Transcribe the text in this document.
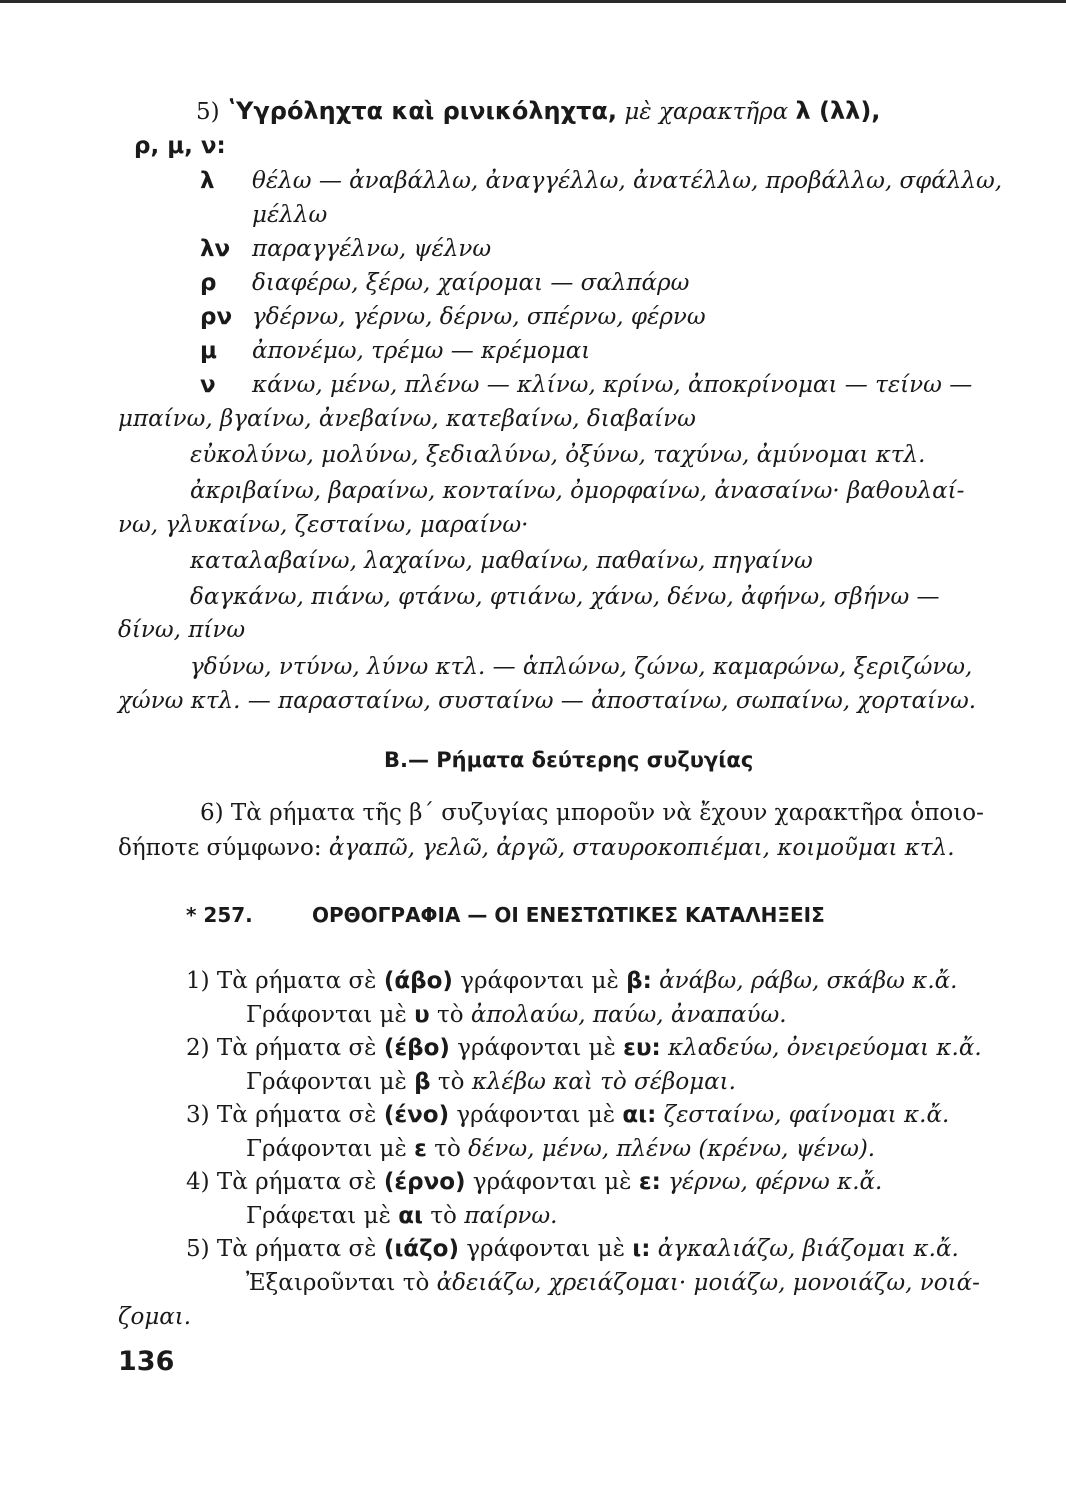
5) ʽΥγρόληχτα καὶ ρινικόληχτα, μὲ χαρακτῆρα λ (λλ),
ρ, μ, ν:
λ θέλω — ἀναβάλλω, ἀναγγέλλω, ἀνατέλλω, προβάλλω, σφάλλω,
μέλλω
λν παραγγέλνω, ψέλνω
ρ διαφέρω, ξέρω, χαίρομαι — σαλπάρω
ρν γδέρνω, γέρνω, δέρνω, σπέρνω, φέρνω
μ ἀπονέμω, τρέμω — κρέμομαι
ν κάνω, μένω, πλένω — κλίνω, κρίνω, ἀποκρίνομαι — τείνω —
μπαίνω, βγαίνω, ἀνεβαίνω, κατεβαίνω, διαβαίνω
εὐκολύνω, μολύνω, ξεδιαλύνω, ὀξύνω, ταχύνω, ἀμύνομαι κτλ.
ἀκριβαίνω, βαραίνω, κονταίνω, ὀμορφαίνω, ἀνασαίνω· βαθουλαί-
νω, γλυκαίνω, ζεσταίνω, μαραίνω·
καταλαβαίνω, λαχαίνω, μαθαίνω, παθαίνω, πηγαίνω
δαγκάνω, πιάνω, φτάνω, φτιάνω, χάνω, δένω, ἀφήνω, σβήνω —
δίνω, πίνω
γδύνω, ντύνω, λύνω κτλ. — ἁπλώνω, ζώνω, καμαρώνω, ξεριζώνω,
χώνω κτλ. — παρασταίνω, συσταίνω — ἀποσταίνω, σωπαίνω, χορταίνω.
Β.— Ρήματα δεύτερης συζυγίας
6) Τὰ ρήματα τῆς β΄ συζυγίας μποροῦν νὰ ἔχουν χαρακτῆρα ὁποιο-
δήποτε σύμφωνο: ἀγαπῶ, γελῶ, ἀργῶ, σταυροκοπιέμαι, κοιμοῦμαι κτλ.
* 257.	ΟΡΘΟΓΡΑΦΙΑ — ΟΙ ΕΝΕΣΤΩΤΙΚΕΣ ΚΑΤΑΛΗΞΕΙΣ
1) Τὰ ρήματα σὲ (άβο) γράφονται μὲ β: ἀνάβω, ράβω, σκάβω κ.ἄ.
Γράφονται μὲ υ τὸ ἀπολαύω, παύω, ἀναπαύω.
2) Τὰ ρήματα σὲ (έβο) γράφονται μὲ ευ: κλαδεύω, ὀνειρεύομαι κ.ἄ.
Γράφονται μὲ β τὸ κλέβω καὶ τὸ σέβομαι.
3) Τὰ ρήματα σὲ (ένο) γράφονται μὲ αι: ζεσταίνω, φαίνομαι κ.ἄ.
Γράφονται μὲ ε τὸ δένω, μένω, πλένω (κρένω, ψένω).
4) Τὰ ρήματα σὲ (έρνο) γράφονται μὲ ε: γέρνω, φέρνω κ.ἄ.
Γράφεται μὲ αι τὸ παίρνω.
5) Τὰ ρήματα σὲ (ιάζο) γράφονται μὲ ι: ἀγκαλιάζω, βιάζομαι κ.ἄ.
Ἐξαιροῦνται τὸ ἀδειάζω, χρειάζομαι· μοιάζω, μονοιάζω, νοιά-
ζομαι.
136
